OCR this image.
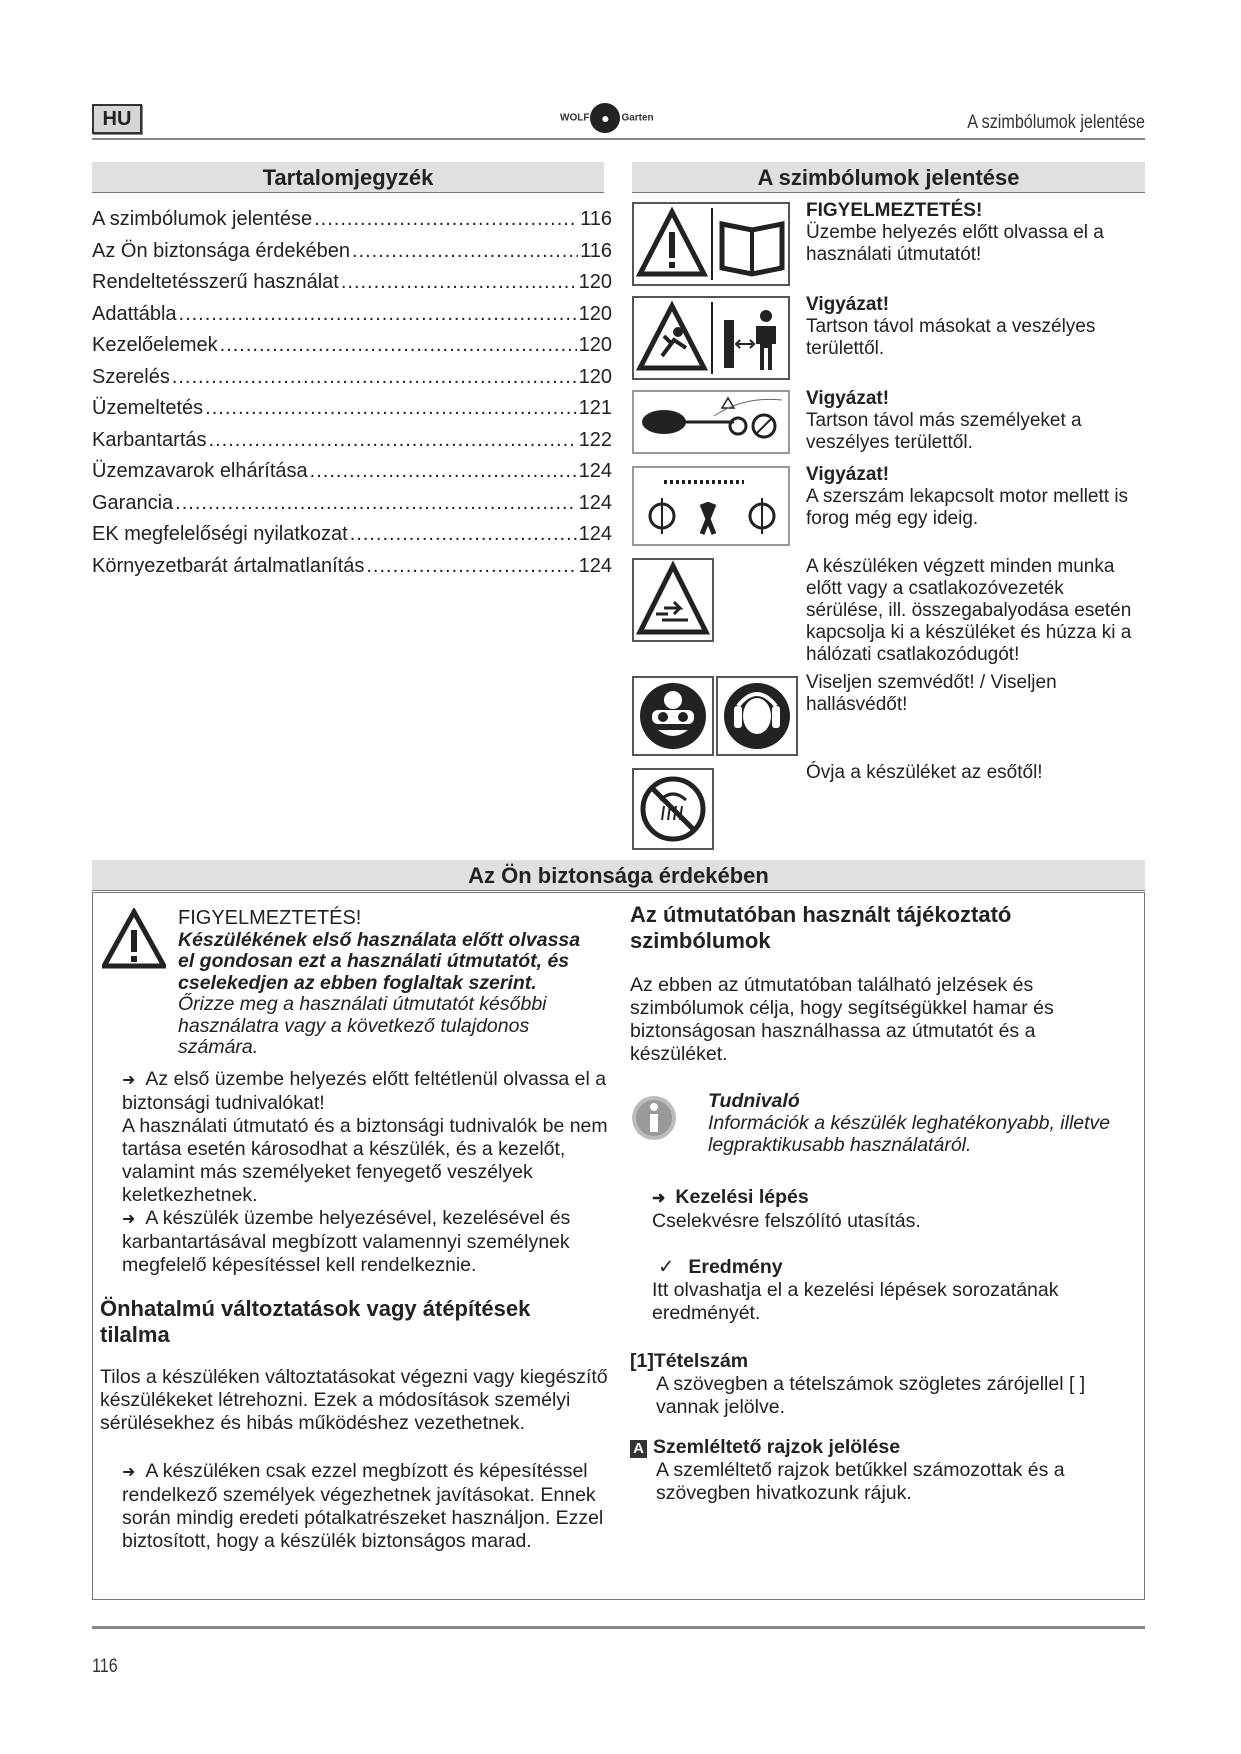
HU	WOLF ● Garten	A szimbólumok jelentése
Tartalomjegyzék
A szimbólumok jelentése .....	116
Az Ön biztonsága érdekében .....	116
Rendeltetésszerű használat .....	120
Adattábla .....	120
Kezelőelemek .....	120
Szerelés .....	120
Üzemeltetés .....	121
Karbantartás .....	122
Üzemzavarok elhárítása .....	124
Garancia .....	124
EK megfelelőségi nyilatkozat .....	124
Környezetbarát ártalmatlanítás .....	124
A szimbólumok jelentése
FIGYELMEZTETÉS!
Üzembe helyezés előtt olvassa el a használati útmutatót!
Vigyázat!
Tartson távol másokat a veszélyes területtől.
Vigyázat!
Tartson távol más személyeket a veszélyes területtől.
Vigyázat!
A szerszám lekapcsolt motor mellett is forog még egy ideig.
A készüléken végzett minden munka előtt vagy a csatlakozóvezeték sérülése, ill. összegabalyodása esetén kapcsolja ki a készüléket és húzza ki a hálózati csatlakozódugót!
Viseljen szemvédőt! / Viseljen hallásvédőt!
Óvja a készüléket az esőtől!
Az Ön biztonsága érdekében
FIGYELMEZTETÉS!
Készülékének első használata előtt olvassa el gondosan ezt a használati útmutatót, és cselekedjen az ebben foglaltak szerint.
Őrizze meg a használati útmutatót későbbi használatra vagy a következő tulajdonos számára.
➜ Az első üzembe helyezés előtt feltétlenül olvassa el a biztonsági tudnivalókat!
A használati útmutató és a biztonsági tudnivalók be nem tartása esetén károsodhat a készülék, és a kezelőt, valamint más személyeket fenyegető veszélyek keletkezhetnek.
➜ A készülék üzembe helyezésével, kezelésével és karbantartásával megbízott valamennyi személynek megfelelő képesítéssel kell rendelkeznie.
Önhatalmú változtatások vagy átépítések tilalma
Tilos a készüléken változtatásokat végezni vagy kiegészítő készülékeket létrehozni. Ezek a módosítások személyi sérülésekhez és hibás működéshez vezethetnek.
➜ A készüléken csak ezzel megbízott és képesítéssel rendelkező személyek végezhetnek javításokat. Ennek során mindig eredeti pótalkatrészeket használjon. Ezzel biztosított, hogy a készülék biztonságos marad.
Az útmutatóban használt tájékoztató szimbólumok
Az ebben az útmutatóban található jelzések és szimbólumok célja, hogy segítségükkel hamar és biztonságosan használhassa az útmutatót és a készüléket.
Tudnivaló
Információk a készülék leghatékonyabb, illetve legpraktikusabb használatáról.
➜ Kezelési lépés
Cselekvésre felszólító utasítás.
✓ Eredmény
Itt olvashatja el a kezelési lépések sorozatának eredményét.
[1]Tételszám
A szövegben a tételszámok szögletes zárójellel [ ] vannak jelölve.
A Szemléltető rajzok jelölése
A szemléltető rajzok betűkkel számozottak és a szövegben hivatkozunk rájuk.
116
